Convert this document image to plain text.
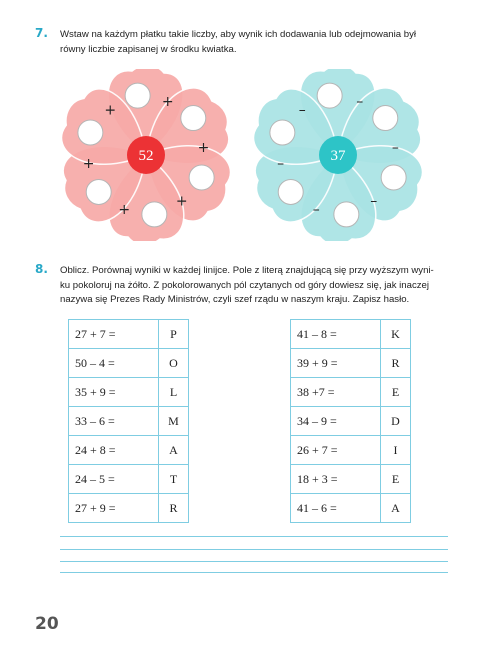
7. Wstaw na każdym płatku takie liczby, aby wynik ich dodawania lub odejmowania był
równy liczbie zapisanej w środku kwiatka.
+
+
+
+
+
+
52
–
–
–
–
–
–
37
8. Oblicz. Porównaj wyniki w każdej linijce. Pole z literą znajdującą się przy wyższym wyni-
ku pokoloruj na żółto. Z pokolorowanych pól czytanych od góry dowiesz się, jak inaczej
nazywa się Prezes Rady Ministrów, czyli szef rządu w naszym kraju. Zapisz hasło.
27 + 7 =	P
50 – 4 =	O
35 + 9 =	L
33 – 6 =	M
24 + 8 =	A
24 – 5 =	T
27 + 9 =	R
41 – 8 =	K
39 + 9 =	R
38 +7 =	E
34 – 9 =	D
26 + 7 =	I
18 + 3 =	E
41 – 6 =	A
20
